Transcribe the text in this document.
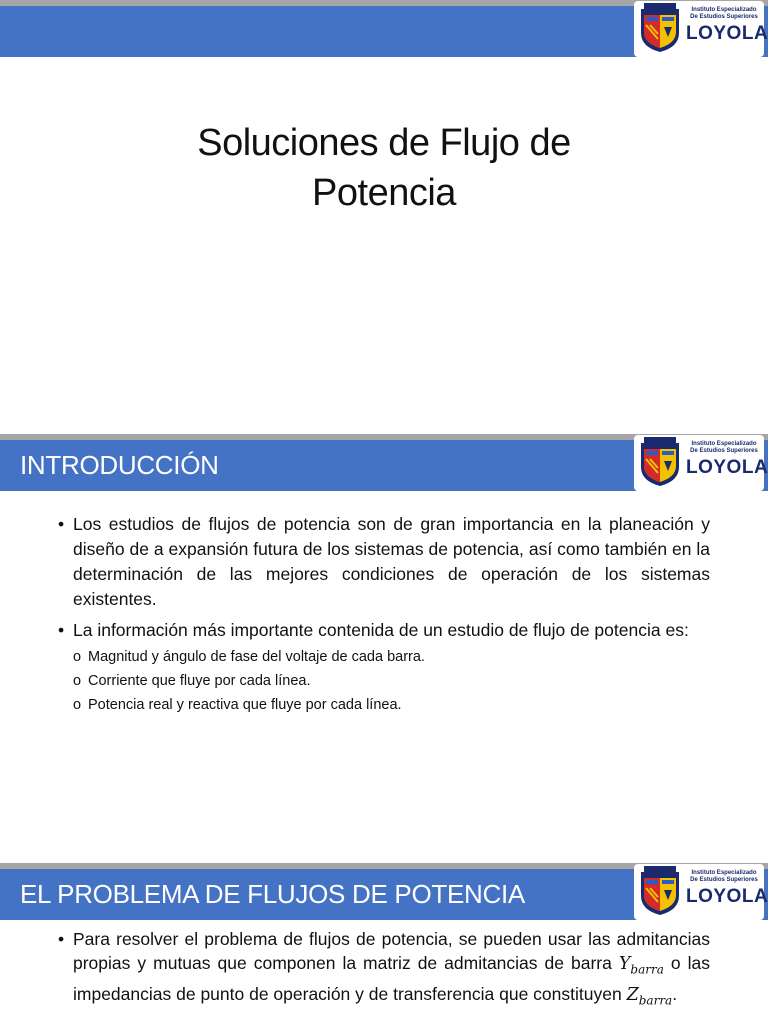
Instituto Especializado
De Estudios Superiores
LOYOLA
Soluciones de Flujo de
Potencia
INTRODUCCIÓN
Instituto Especializado
De Estudios Superiores
LOYOLA
• Los estudios de flujos de potencia son de gran importancia en la planeación y diseño de a expansión futura de los sistemas de potencia, así como también en la determinación de las mejores condiciones de operación de los sistemas existentes.
• La información más importante contenida de un estudio de flujo de potencia es:
o Magnitud y ángulo de fase del voltaje de cada barra.
o Corriente que fluye por cada línea.
o Potencia real y reactiva que fluye por cada línea.
EL PROBLEMA DE FLUJOS DE POTENCIA
Instituto Especializado
De Estudios Superiores
LOYOLA
• Para resolver el problema de flujos de potencia, se pueden usar las admitancias propias y mutuas que componen la matriz de admitancias de barra $Y_{barra}$ o las impedancias de punto de operación y de transferencia que constituyen $Z_{barra}$.
